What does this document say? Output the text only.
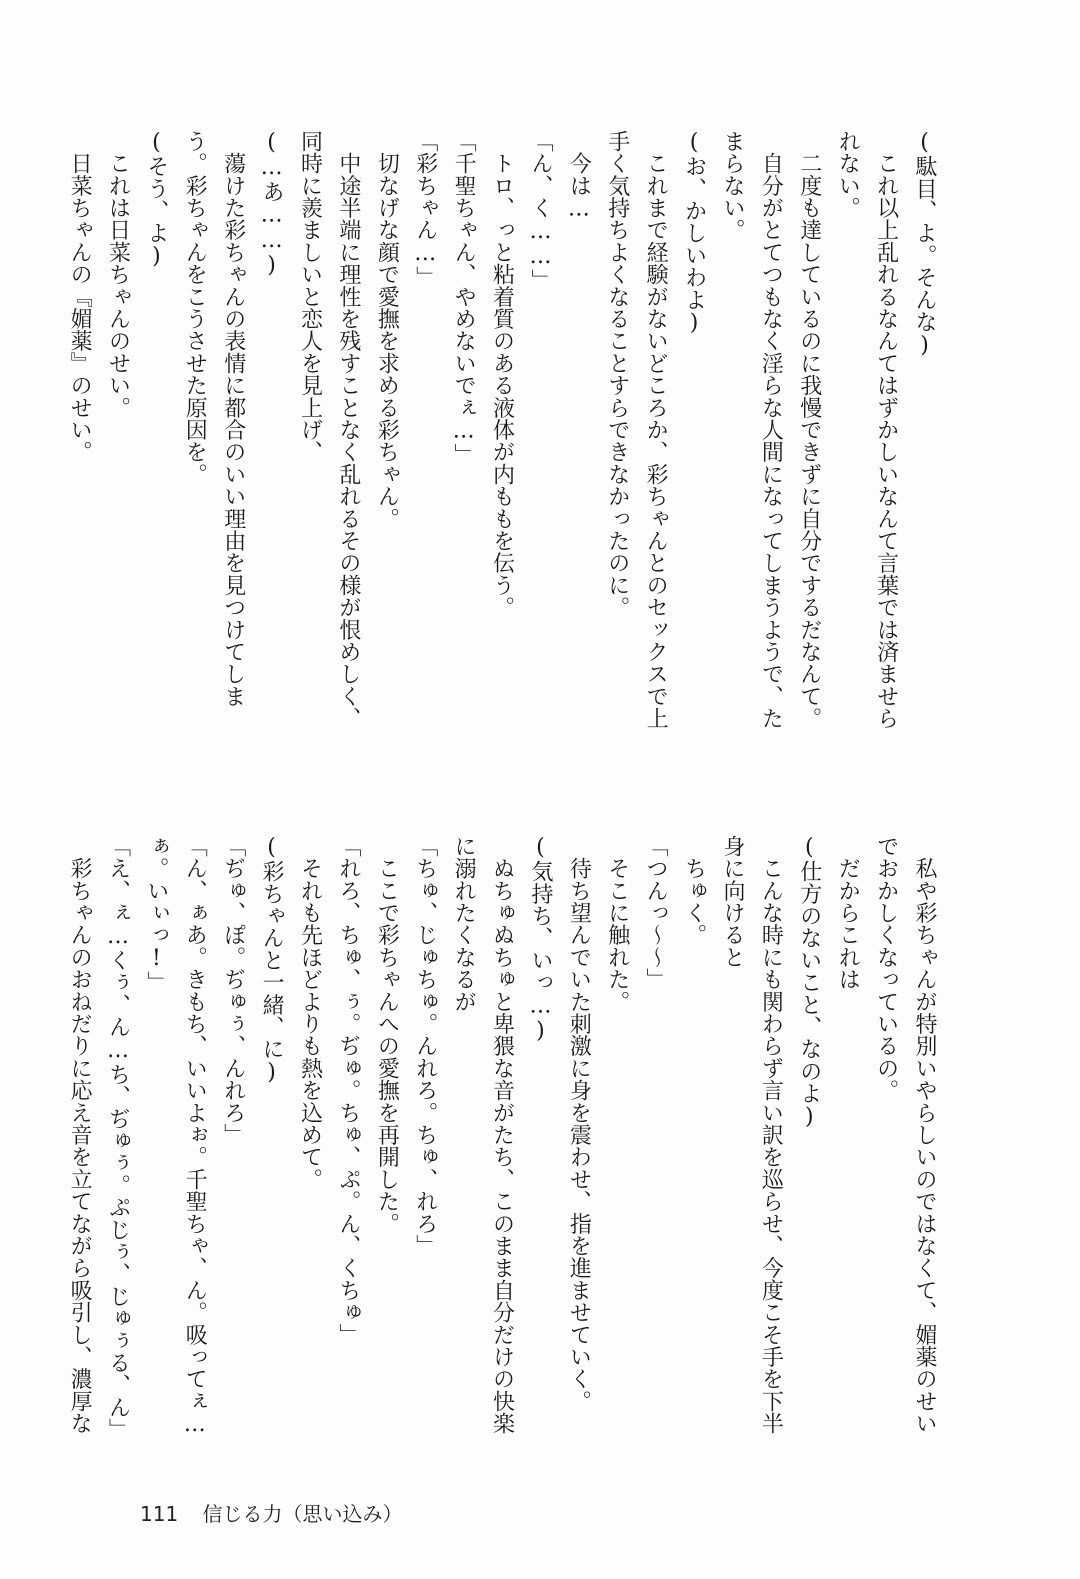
(駄目、よ。そんな)
　これ以上乱れるなんてはずかしいなんて言葉では済ませら
れない。
　二度も達しているのに我慢できずに自分でするだなんて。
　自分がとてつもなく淫らな人間になってしまうようで、た
まらない。
(お、かしいわよ)
　これまで経験がないどころか、彩ちゃんとのセックスで上
手く気持ちよくなることすらできなかったのに。
　今は…
「ん、く……」
　トロ、っと粘着質のある液体が内ももを伝う。
「千聖ちゃん、やめないでぇ…」
「彩ちゃん…」
　切なげな顔で愛撫を求める彩ちゃん。
　中途半端に理性を残すことなく乱れるその様が恨めしく、
同時に羨ましいと恋人を見上げ、
(…あ……)
　蕩けた彩ちゃんの表情に都合のいい理由を見つけてしま
う。彩ちゃんをこうさせた原因を。
(そう、よ)
　これは日菜ちゃんのせい。
　日菜ちゃんの『媚薬』のせい。
　私や彩ちゃんが特別いやらしいのではなくて、媚薬のせい
でおかしくなっているの。
　だからこれは
(仕方のないこと、なのよ)
　こんな時にも関わらず言い訳を巡らせ、今度こそ手を下半
身に向けると
　ちゅく。
「つんっ〜〜」
　そこに触れた。
　待ち望んでいた刺激に身を震わせ、指を進ませていく。
(気持ち、いっ…)
　ぬちゅぬちゅと卑猥な音がたち、このまま自分だけの快楽
に溺れたくなるが
「ちゅ、じゅちゅ。んれろ。ちゅ、れろ」
　ここで彩ちゃんへの愛撫を再開した。
「れろ、ちゅ、ぅ。ぢゅ。ちゅ、ぷ。ん、くちゅ」
　それも先ほどよりも熱を込めて。
(彩ちゃんと一緒、に)
「ぢゅ、ぽ。ぢゅぅ、んれろ」
「ん、ぁあ。きもち、いいよぉ。千聖ちゃ、ん。吸ってぇ…
ぁ。いぃっ!」
「え、ぇ…くぅ、ん…ち、ぢゅぅ。ぷじぅ、じゅぅる、ん」
　彩ちゃんのおねだりに応え音を立てながら吸引し、濃厚な
111 信じる力（思い込み）
